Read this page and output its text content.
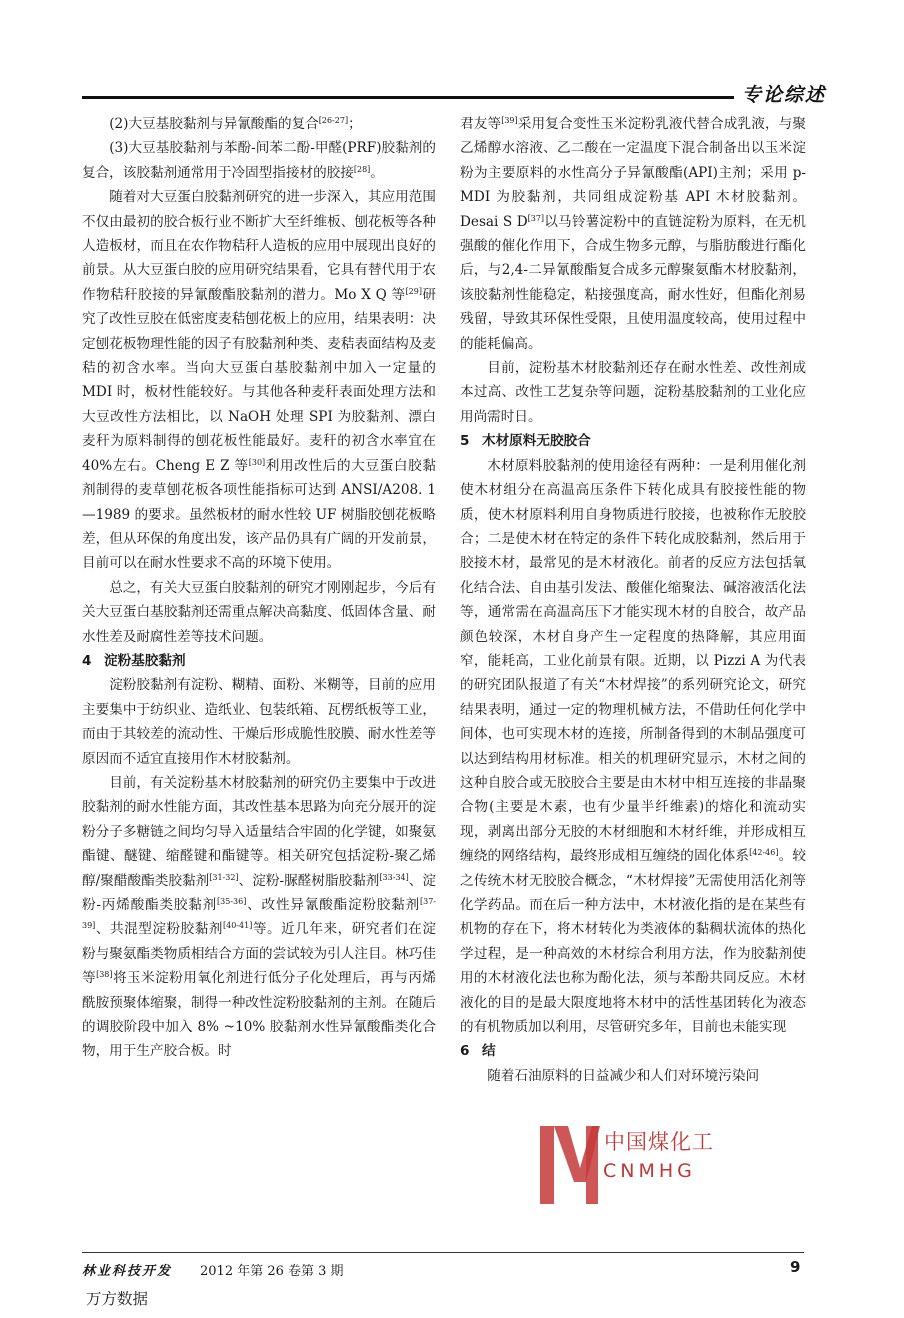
专论综述

(2)大豆基胶黏剂与异氰酸酯的复合[26-27]；

(3)大豆基胶黏剂与苯酚-间苯二酚-甲醛(PRF)胶黏剂的复合，该胶黏剂通常用于冷固型指接材的胶接[28]。

随着对大豆蛋白胶黏剂研究的进一步深入，其应用范围不仅由最初的胶合板行业不断扩大至纤维板、刨花板等各种人造板材，而且在农作物秸秆人造板的应用中展现出良好的前景。从大豆蛋白胶的应用研究结果看，它具有替代用于农作物秸秆胶接的异氰酸酯胶黏剂的潜力。Mo X Q 等[29]研究了改性豆胶在低密度麦秸刨花板上的应用，结果表明：决定刨花板物理性能的因子有胶黏剂种类、麦秸表面结构及麦秸的初含水率。当向大豆蛋白基胶黏剂中加入一定量的 MDI 时，板材性能较好。与其他各种麦秆表面处理方法和大豆改性方法相比，以 NaOH 处理 SPI 为胶黏剂、漂白麦秆为原料制得的刨花板性能最好。麦秆的初含水率宜在40%左右。Cheng E Z 等[30]利用改性后的大豆蛋白胶黏剂制得的麦草刨花板各项性能指标可达到 ANSI/A208. 1—1989 的要求。虽然板材的耐水性较 UF 树脂胶刨花板略差，但从环保的角度出发，该产品仍具有广阔的开发前景，目前可以在耐水性要求不高的环境下使用。

总之，有关大豆蛋白胶黏剂的研究才刚刚起步，今后有关大豆蛋白基胶黏剂还需重点解决高黏度、低固体含量、耐水性差及耐腐性差等技术问题。

4 淀粉基胶黏剂

淀粉胶黏剂有淀粉、糊精、面粉、米糊等，目前的应用主要集中于纺织业、造纸业、包装纸箱、瓦楞纸板等工业，而由于其较差的流动性、干燥后形成脆性胶膜、耐水性差等原因而不适宜直接用作木材胶黏剂。

目前，有关淀粉基木材胶黏剂的研究仍主要集中于改进胶黏剂的耐水性能方面，其改性基本思路为向充分展开的淀粉分子多糖链之间均匀导入适量结合牢固的化学键，如聚氨酯键、醚键、缩醛键和酯键等。相关研究包括淀粉-聚乙烯醇/聚醋酸酯类胶黏剂[31-32]、淀粉-脲醛树脂胶黏剂[33-34]、淀粉-丙烯酸酯类胶黏剂[35-36]、改性异氰酸酯淀粉胶黏剂[37-39]、共混型淀粉胶黏剂[40-41]等。近几年来，研究者们在淀粉与聚氨酯类物质相结合方面的尝试较为引人注目。林巧佳等[38]将玉米淀粉用氧化剂进行低分子化处理后，再与丙烯酰胺预聚体缩聚，制得一种改性淀粉胶黏剂的主剂。在随后的调胶阶段中加入 8% ~10% 胶黏剂水性异氰酸酯类化合物，用于生产胶合板。时

君友等[39]采用复合变性玉米淀粉乳液代替合成乳液，与聚乙烯醇水溶液、乙二酸在一定温度下混合制备出以玉米淀粉为主要原料的水性高分子异氰酸酯(API)主剂；采用 p-MDI 为胶黏剂，共同组成淀粉基 API 木材胶黏剂。Desai S D[37]以马铃薯淀粉中的直链淀粉为原料，在无机强酸的催化作用下，合成生物多元醇，与脂肪酸进行酯化后，与2,4-二异氰酸酯复合成多元醇聚氨酯木材胶黏剂，该胶黏剂性能稳定，粘接强度高，耐水性好，但酯化剂易残留，导致其环保性受限，且使用温度较高，使用过程中的能耗偏高。

目前，淀粉基木材胶黏剂还存在耐水性差、改性剂成本过高、改性工艺复杂等问题，淀粉基胶黏剂的工业化应用尚需时日。

5 木材原料无胶胶合

木材原料胶黏剂的使用途径有两种：一是利用催化剂使木材组分在高温高压条件下转化成具有胶接性能的物质，使木材原料利用自身物质进行胶接，也被称作无胶胶合；二是使木材在特定的条件下转化成胶黏剂，然后用于胶接木材，最常见的是木材液化。前者的反应方法包括氧化结合法、自由基引发法、酸催化缩聚法、碱溶液活化法等，通常需在高温高压下才能实现木材的自胶合，故产品颜色较深，木材自身产生一定程度的热降解，其应用面窄，能耗高，工业化前景有限。近期，以 Pizzi A 为代表的研究团队报道了有关“木材焊接”的系列研究论文，研究结果表明，通过一定的物理机械方法，不借助任何化学中间体，也可实现木材的连接，所制备得到的木制品强度可以达到结构用材标准。相关的机理研究显示，木材之间的这种自胶合或无胶胶合主要是由木材中相互连接的非晶聚合物(主要是木素，也有少量半纤维素)的熔化和流动实现，剥离出部分无胶的木材细胞和木材纤维，并形成相互缠绕的网络结构，最终形成相互缠绕的固化体系[42-46]。较之传统木材无胶胶合概念，“木材焊接”无需使用活化剂等化学药品。而在后一种方法中，木材液化指的是在某些有机物的存在下，将木材转化为类液体的黏稠状流体的热化学过程，是一种高效的木材综合利用方法，作为胶黏剂使用的木材液化法也称为酚化法，须与苯酚共同反应。木材液化的目的是最大限度地将木材中的活性基团转化为液态的有机物质加以利用，尽管研究多年，目前也未能实现

6 结

随着石油原料的日益减少和人们对环境污染问

中国煤化工
CNMHG
林业科技开发 2012 年第 26 卷第 3 期	9
万方数据
